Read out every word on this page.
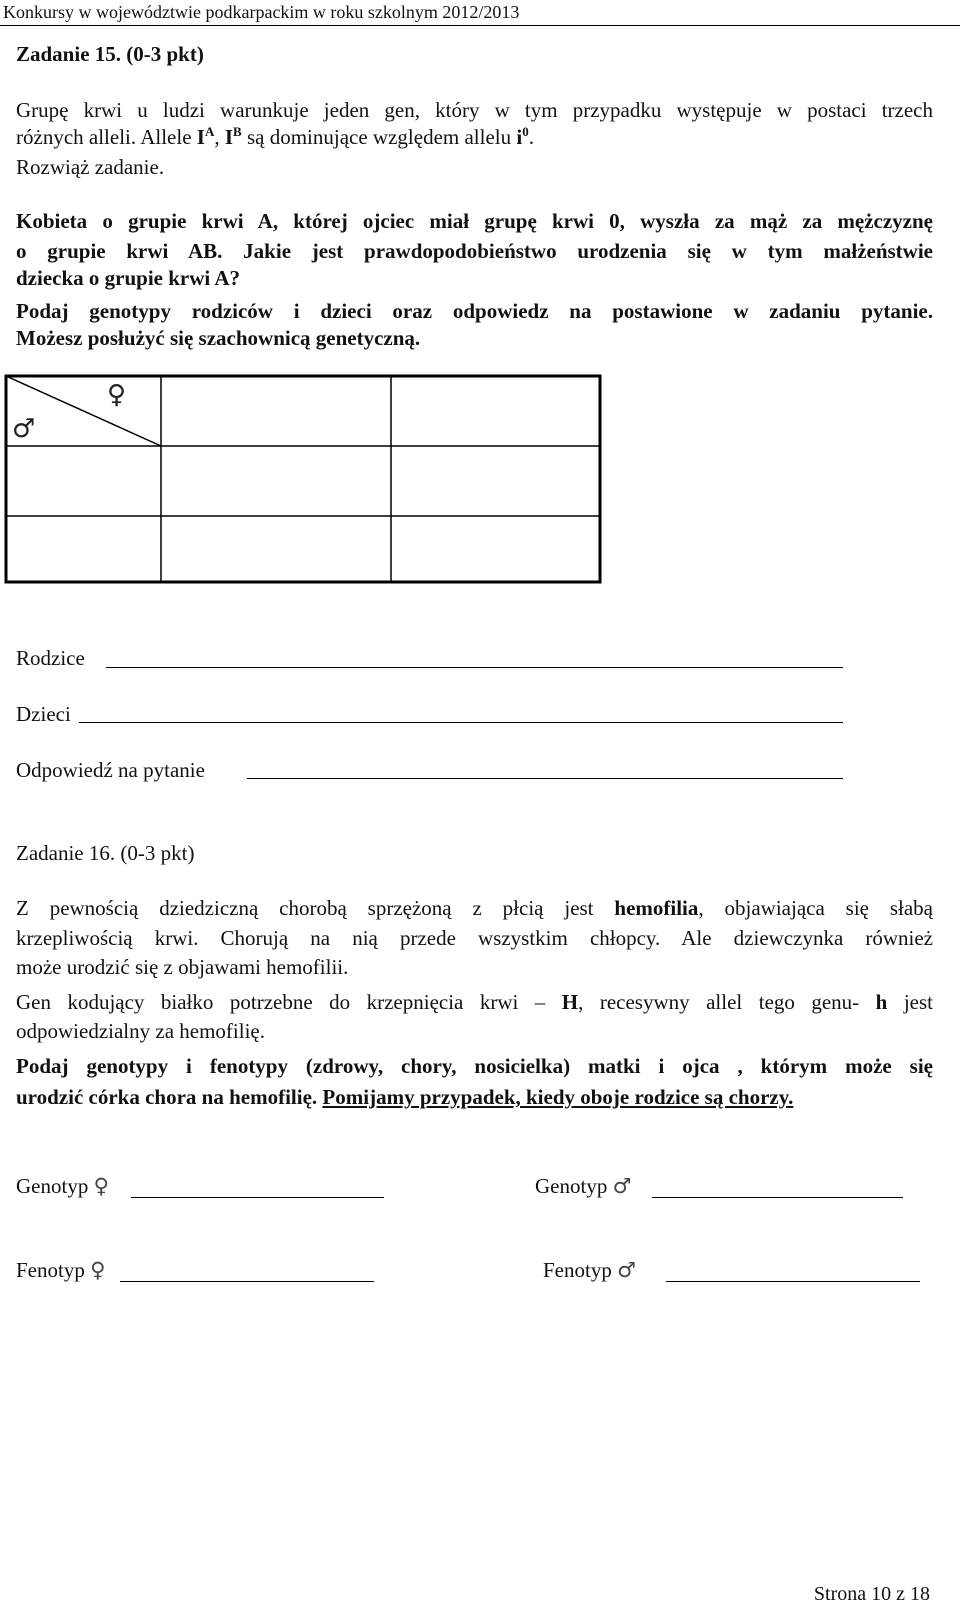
Konkursy w województwie podkarpackim w roku szkolnym 2012/2013
Zadanie 15. (0-3 pkt)
Grupę krwi u ludzi warunkuje jeden gen, który w tym przypadku występuje w postaci trzech
różnych alleli. Allele $I^A$, $I^B$ są dominujące względem allelu $i^0$.
Rozwiąż zadanie.
Kobieta o grupie krwi A, której ojciec miał grupę krwi 0, wyszła za mąż za mężczyznę
o grupie krwi AB. Jakie jest prawdopodobieństwo urodzenia się w tym małżeństwie
dziecka o grupie krwi A?
Podaj genotypy rodziców i dzieci oraz odpowiedz na postawione w zadaniu pytanie.
Możesz posłużyć się szachownicą genetyczną.
♀
♂
Rodzice
Dzieci
Odpowiedź na pytanie
Zadanie 16. (0-3 pkt)
Z pewnością dziedziczną chorobą sprzężoną z płcią jest hemofilia, objawiająca się słabą
krzepliwością krwi. Chorują na nią przede wszystkim chłopcy. Ale dziewczynka również
może urodzić się z objawami hemofilii.
Gen kodujący białko potrzebne do krzepnięcia krwi – H, recesywny allel tego genu- h jest
odpowiedzialny za hemofilię.
Podaj genotypy i fenotypy (zdrowy, chory, nosicielka) matki i ojca , którym może się
urodzić córka chora na hemofilię. Pomijamy przypadek, kiedy oboje rodzice są chorzy.
Genotyp ♀	Genotyp ♂
Fenotyp ♀	Fenotyp ♂
Strona 10 z 18
